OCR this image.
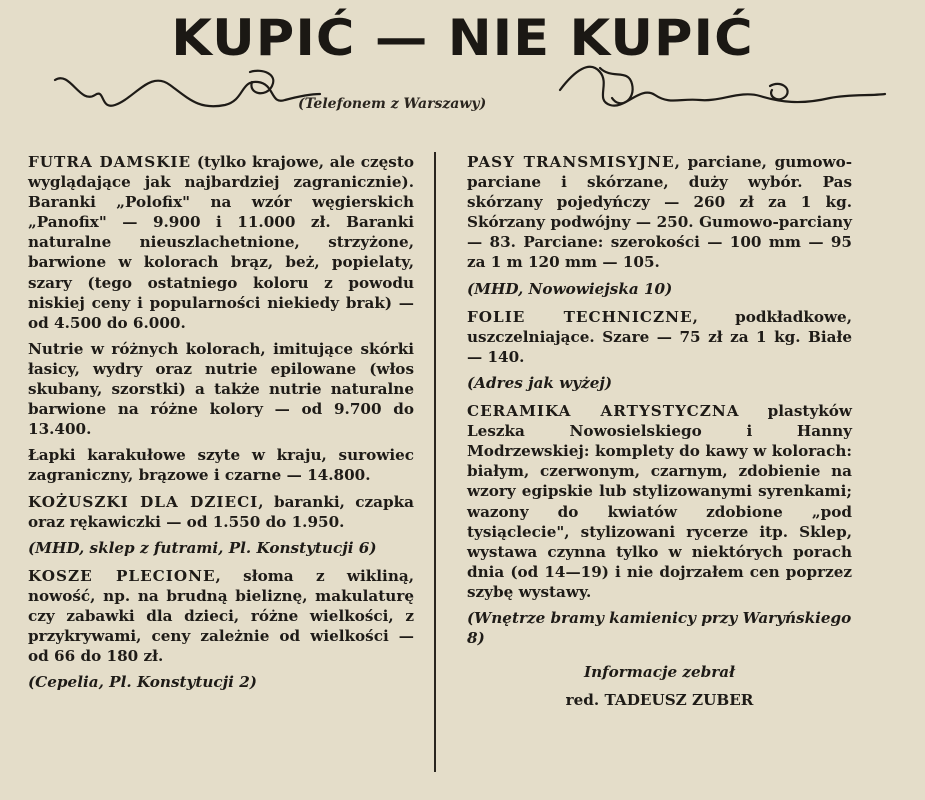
KUPIĆ — NIE KUPIĆ
(Telefonem z Warszawy)

FUTRA DAMSKIE (tylko krajowe, ale często wyglądające jak najbardziej zagranicznie). Baranki „Polofix" na wzór węgierskich „Panofix" — 9.900 i 11.000 zł. Baranki naturalne nieuszlachetnione, strzyżone, barwione w kolorach brąz, beż, popielaty, szary (tego ostatniego koloru z powodu niskiej ceny i popularności niekiedy brak) — od 4.500 do 6.000.

Nutrie w różnych kolorach, imitujące skórki łasicy, wydry oraz nutrie epilowane (włos skubany, szorstki) a także nutrie naturalne barwione na różne kolory — od 9.700 do 13.400.

Łapki karakułowe szyte w kraju, surowiec zagraniczny, brązowe i czarne — 14.800.

KOŻUSZKI DLA DZIECI, baranki, czapka oraz rękawiczki — od 1.550 do 1.950.

(MHD, sklep z futrami, Pl. Konstytucji 6)

KOSZE PLECIONE, słoma z wikliną, nowość, np. na brudną bieliznę, makulaturę czy zabawki dla dzieci, różne wielkości, z przykrywami, ceny zależnie od wielkości — od 66 do 180 zł.

(Cepelia, Pl. Konstytucji 2)

PASY TRANSMISYJNE, parciane, gumowo-parciane i skórzane, duży wybór. Pas skórzany pojedyńczy — 260 zł za 1 kg. Skórzany podwójny — 250. Gumowo-parciany — 83. Parciane: szerokości — 100 mm — 95 za 1 m 120 mm — 105.

(MHD, Nowowiejska 10)

FOLIE TECHNICZNE, podkładkowe, uszczelniające. Szare — 75 zł za 1 kg. Białe — 140.

(Adres jak wyżej)

CERAMIKA ARTYSTYCZNA plastyków Leszka Nowosielskiego i Hanny Modrzewskiej: komplety do kawy w kolorach: białym, czerwonym, czarnym, zdobienie na wzory egipskie lub stylizowanymi syrenkami; wazony do kwiatów zdobione „pod tysiąclecie", stylizowani rycerze itp. Sklep, wystawa czynna tylko w niektórych porach dnia (od 14—19) i nie dojrzałem cen poprzez szybę wystawy.

(Wnętrze bramy kamienicy przy Waryńskiego 8)

Informacje zebrał

red. TADEUSZ ZUBER
